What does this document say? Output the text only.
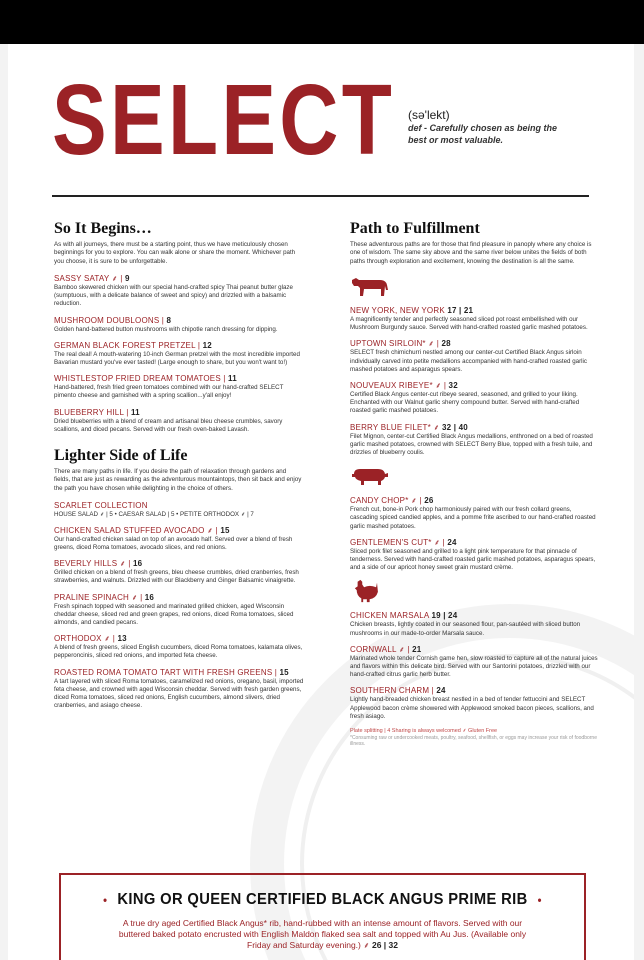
SELECT (sə'lekt)
def - Carefully chosen as being the best or most valuable.
So It Begins…
As with all journeys, there must be a starting point, thus we have meticulously chosen beginnings for you to explore. You can walk alone or share the moment. Whichever path you choose, it is sure to be unforgettable.
SASSY SATAY ⸙ | 9
Bamboo skewered chicken with our special hand-crafted spicy Thai peanut butter glaze (sumptuous, with a delicate balance of sweet and spicy) and drizzled with a balsamic reduction.
MUSHROOM DOUBLOONS | 8
Golden hand-battered button mushrooms with chipotle ranch dressing for dipping.
GERMAN BLACK FOREST PRETZEL | 12
The real deal! A mouth-watering 10-inch German pretzel with the most incredible imported Bavarian mustard you've ever tasted! (Large enough to share, but you won't want to!)
WHISTLESTOP FRIED DREAM TOMATOES | 11
Hand-battered, fresh fried green tomatoes combined with our hand-crafted SELECT pimento cheese and garnished with a spring scallion...y'all enjoy!
BLUEBERRY HILL | 11
Dried blueberries with a blend of cream and artisanal bleu cheese crumbles, savory scallions, and diced pecans. Served with our fresh oven-baked Lavash.
Lighter Side of Life
There are many paths in life. If you desire the path of relaxation through gardens and fields, that are just as rewarding as the adventurous mountaintops, then sit back and enjoy the path you have chosen while delighting in the choice of others.
SCARLET COLLECTION
HOUSE SALAD ⸙ | 5 • CAESAR SALAD | 5 • PETITE ORTHODOX ⸙ | 7
CHICKEN SALAD STUFFED AVOCADO ⸙ | 15
Our hand-crafted chicken salad on top of an avocado half. Served over a blend of fresh greens, diced Roma tomatoes, avocado slices, and red onions.
BEVERLY HILLS ⸙ | 16
Grilled chicken on a blend of fresh greens, bleu cheese crumbles, dried cranberries, fresh strawberries, and walnuts. Drizzled with our Blackberry and Ginger Balsamic vinaigrette.
PRALINE SPINACH ⸙ | 16
Fresh spinach topped with seasoned and marinated grilled chicken, aged Wisconsin cheddar cheese, sliced red and green grapes, red onions, diced Roma tomatoes, sliced almonds, and candied pecans.
ORTHODOX ⸙ | 13
A blend of fresh greens, sliced English cucumbers, diced Roma tomatoes, kalamata olives, pepperoncinis, sliced red onions, and imported feta cheese.
ROASTED ROMA TOMATO TART WITH FRESH GREENS | 15
A tart layered with sliced Roma tomatoes, caramelized red onions, oregano, basil, imported feta cheese, and crowned with aged Wisconsin cheddar. Served with fresh garden greens, diced Roma tomatoes, sliced red onions, English cucumbers, almond slivers, dried cranberries, and asiago cheese.
Path to Fulfillment
These adventurous paths are for those that find pleasure in panoply where any choice is one of wisdom. The same sky above and the same river below unites the fields of both paths through exploration and excitement, knowing the destination is all the same.
NEW YORK, NEW YORK 17 | 21
A magnificently tender and perfectly seasoned sliced pot roast embellished with our Mushroom Burgundy sauce. Served with hand-crafted roasted garlic mashed potatoes.
UPTOWN SIRLOIN* ⸙ | 28
SELECT fresh chimichurri nestled among our center-cut Certified Black Angus sirloin individually carved into petite medallions accompanied with hand-crafted roasted garlic mashed potatoes and asparagus spears.
NOUVEAUX RIBEYE* ⸙ | 32
Certified Black Angus center-cut ribeye seared, seasoned, and grilled to your liking. Enchanted with our Walnut garlic sherry compound butter. Served with hand-crafted roasted garlic mashed potatoes.
BERRY BLUE FILET* ⸙ 32 | 40
Filet Mignon, center-cut Certified Black Angus medallions, enthroned on a bed of roasted garlic mashed potatoes, crowned with SELECT Berry Blue, topped with a fresh tuile, and drizzles of blueberry coulis.
CANDY CHOP* ⸙ | 26
French cut, bone-in Pork chop harmoniously paired with our fresh collard greens, cascading spiced candied apples, and a pomme frite ascribed to our hand-crafted roasted garlic mashed potatoes.
GENTLEMEN'S CUT* ⸙ | 24
Sliced pork filet seasoned and grilled to a light pink temperature for that pinnacle of tenderness. Served with hand-crafted roasted garlic mashed potatoes, asparagus spears, and a side of our apricot honey sweet grain mustard crème.
CHICKEN MARSALA 19 | 24
Chicken breasts, lightly coated in our seasoned flour, pan-sautéed with sliced button mushrooms in our made-to-order Marsala sauce.
CORNWALL ⸙ | 21
Marinated whole tender Cornish game hen, slow roasted to capture all of the natural juices and flavors within this delicate bird. Served with our Santorini potatoes, drizzled with our hand-crafted citrus garlic herb butter.
SOUTHERN CHARM | 24
Lightly hand-breaded chicken breast nestled in a bed of tender fettuccini and SELECT Applewood bacon crème showered with Applewood smoked bacon pieces, scallions, and fresh asiago.
Plate splitting | 4 Sharing is always welcomed ⸙ Gluten Free
*Consuming raw or undercooked meats, poultry, seafood, shellfish, or eggs may increase your risk of foodborne illness.
• KING OR QUEEN CERTIFIED BLACK ANGUS PRIME RIB •
A true dry aged Certified Black Angus* rib, hand-rubbed with an intense amount of flavors. Served with our buttered baked potato encrusted with English Maldon flaked sea salt and topped with Au Jus. (Available only Friday and Saturday evening.) ⸙ 26 | 32
